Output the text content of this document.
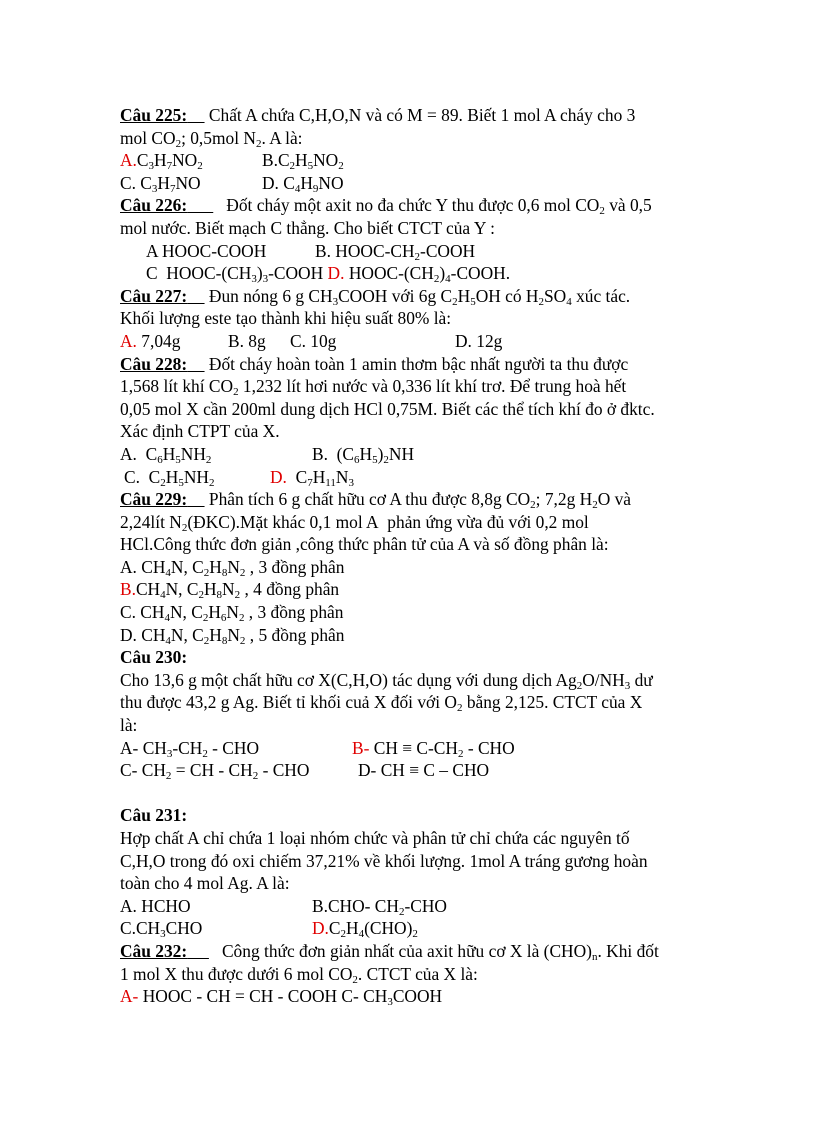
Câu 225: Chất A chứa C,H,O,N và có M = 89. Biết 1 mol A cháy cho 3
mol $CO_2$; 0,5mol $N_2$. A là:
$A.C_3H_7NO_2$	$B.C_2H_5NO_2$
C. $C_3H_7NO$	D. $C_4H_9NO$
Câu 226:         Đốt cháy một axit no đa chức Y thu được 0,6 mol $CO_2$ và 0,5
mol nước. Biết mạch C thẳng. Cho biết CTCT của Y :
A HOOC-COOH	B. HOOC-$CH_2$-COOH
C  HOOC-$(CH_3)_3$-COOH D. HOOC-$(CH_2)_4$-COOH.
Câu 227: Đun nóng 6 g $CH_3COOH$ với 6g $C_2H_5OH$ có $H_2SO_4$ xúc tác.
Khối lượng este tạo thành khi hiệu suất 80% là:
A. 7,04g	B. 8g C. 10g	D. 12g
Câu 228: Đốt cháy hoàn toàn 1 amin thơm bậc nhất người ta thu được
1,568 lít khí $CO_2$ 1,232 lít hơi nước và 0,336 lít khí trơ. Để trung hoà hết
0,05 mol X cần 200ml dung dịch HCl 0,75M. Biết các thể tích khí đo ở đktc.
Xác định CTPT của X.
A.  $C_6H_5NH_2$	B.  $(C_6H_5)_2NH$
C.  $C_2H_5NH_2$	D. $C_7H_{11}N_3$
Câu 229: Phân tích 6 g chất hữu cơ A thu được 8,8g $CO_2$; 7,2g $H_2O$ và
2,24lít $N_2(ĐKC).Mặt$ khác 0,1 mol A  phản ứng vừa đủ với 0,2 mol
HCl.Công thức đơn giản ,công thức phân tử của A và số đồng phân là:
A. $CH_4N$, $C_2H_8N_2$ , 3 đồng phân
$B.CH_4N$, $C_2H_8N_2$ , 4 đồng phân
C. $CH_4N$, $C_2H_6N_2$ , 3 đồng phân
D. $CH_4N$, $C_2H_8N_2$ , 5 đồng phân
Câu 230:
Cho 13,6 g một chất hữu cơ X(C,H,O) tác dụng với dung dịch $Ag_2O/NH_3$ dư
thu được 43,2 g Ag. Biết tỉ khối cuả X đối với $O_2$ bằng 2,125. CTCT của X
là:
A- $CH_3-CH_2$ - CHO	B- CH ≡ $C-CH_2$ - CHO
C- $CH_2$ = CH - $CH_2$ - CHO	D- CH ≡ C – CHO
Câu 231:
Hợp chất A chỉ chứa 1 loại nhóm chức và phân tử chỉ chứa các nguyên tố
C,H,O trong đó oxi chiếm 37,21% về khối lượng. 1mol A tráng gương hoàn
toàn cho 4 mol Ag. A là:
A. HCHO	B.CHO- $CH_2$-CHO
$C.CH_3CHO$	$D.C_2H_4(CHO)_2$
Câu 232:        Công thức đơn giản nhất của axit hữu cơ X là $(CHO)_n$. Khi đốt
1 mol X thu được dưới 6 mol $CO_2$. CTCT của X là:
A- HOOC - CH = CH - COOH C- $CH_3COOH$
